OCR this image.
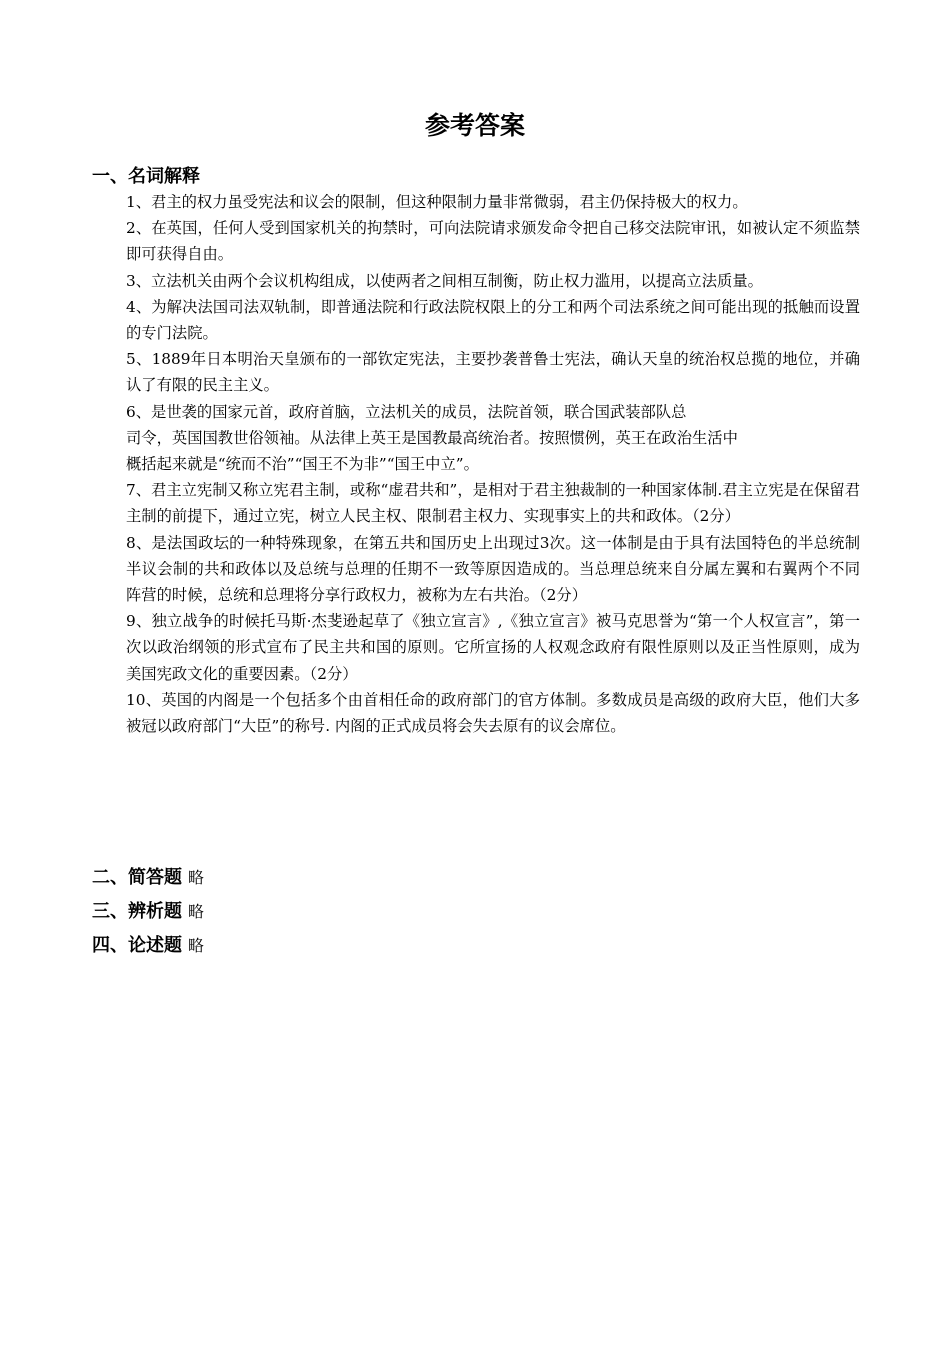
参考答案
一、名词解释

1、君主的权力虽受宪法和议会的限制，但这种限制力量非常微弱，君主仍保持极大的权力。

2、在英国，任何人受到国家机关的拘禁时，可向法院请求颁发命令把自己移交法院审讯，如被认定不须监禁即可获得自由。

3、立法机关由两个会议机构组成，以使两者之间相互制衡，防止权力滥用，以提高立法质量。

4、为解决法国司法双轨制，即普通法院和行政法院权限上的分工和两个司法系统之间可能出现的抵触而设置的专门法院。

5、1889年日本明治天皇颁布的一部钦定宪法，主要抄袭普鲁士宪法，确认天皇的统治权总揽的地位，并确认了有限的民主主义。

6、是世袭的国家元首，政府首脑，立法机关的成员，法院首领，联合国武装部队总

司令，英国国教世俗领袖。从法律上英王是国教最高统治者。按照惯例，英王在政治生活中

概括起来就是“统而不治”“国王不为非”“国王中立”。

7、君主立宪制又称立宪君主制，或称“虚君共和”，是相对于君主独裁制的一种国家体制.君主立宪是在保留君主制的前提下，通过立宪，树立人民主权、限制君主权力、实现事实上的共和政体。（2分）

8、是法国政坛的一种特殊现象，在第五共和国历史上出现过3次。这一体制是由于具有法国特色的半总统制半议会制的共和政体以及总统与总理的任期不一致等原因造成的。当总理总统来自分属左翼和右翼两个不同阵营的时候，总统和总理将分享行政权力，被称为左右共治。（2分）

9、独立战争的时候托马斯·杰斐逊起草了《独立宣言》,《独立宣言》被马克思誉为“第一个人权宣言”，第一次以政治纲领的形式宣布了民主共和国的原则。它所宣扬的人权观念政府有限性原则以及正当性原则，成为美国宪政文化的重要因素。（2分）

10、英国的内阁是一个包括多个由首相任命的政府部门的官方体制。多数成员是高级的政府大臣，他们大多被冠以政府部门“大臣”的称号. 内阁的正式成员将会失去原有的议会席位。

二、简答题 略
三、辨析题 略
四、论述题 略
